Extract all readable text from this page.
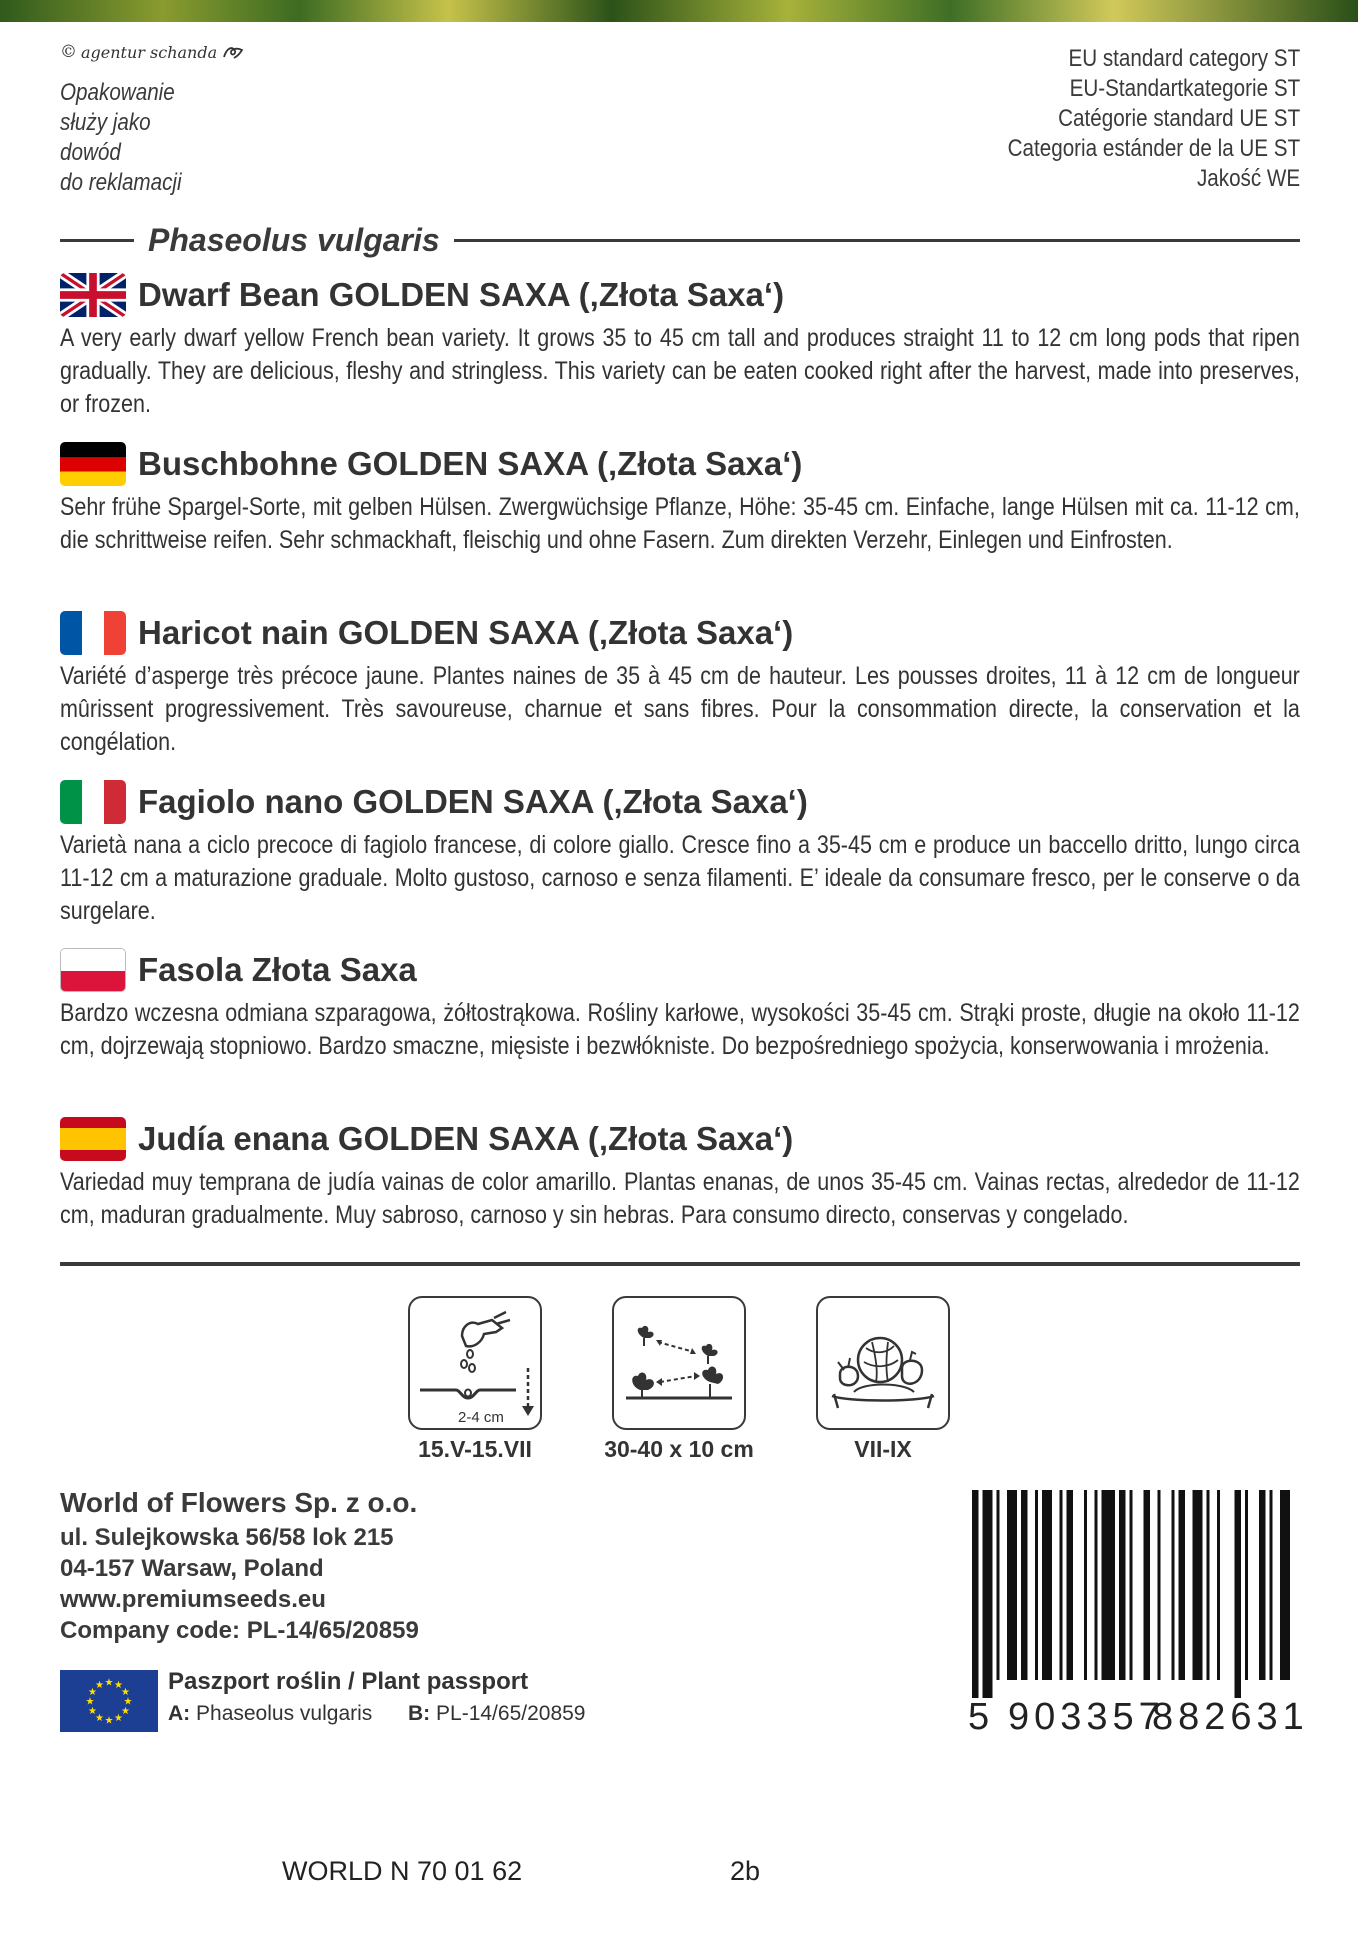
© agentur schanda
Opakowanie
służy jako
dowód
do reklamacji
EU standard category ST
EU-Standartkategorie ST
Catégorie standard UE ST
Categoria estánder de la UE ST
Jakość WE
Phaseolus vulgaris
Dwarf Bean GOLDEN SAXA (‚Złota Saxa‘)
A very early dwarf yellow French bean variety. It grows 35 to 45 cm tall and produces straight 11 to 12 cm long pods that ripen gradually. They are delicious, fleshy and stringless. This variety can be eaten cooked right after the harvest, made into preserves, or frozen.
Buschbohne GOLDEN SAXA (‚Złota Saxa‘)
Sehr frühe Spargel-Sorte, mit gelben Hülsen. Zwergwüchsige Pflanze, Höhe: 35-45 cm. Einfache, lange Hülsen mit ca. 11-12 cm, die schrittweise reifen. Sehr schmackhaft, fleischig und ohne Fasern. Zum direkten Verzehr, Einlegen und Einfrosten.
Haricot nain GOLDEN SAXA (‚Złota Saxa‘)
Variété d’asperge très précoce jaune. Plantes naines de 35 à 45 cm de hauteur. Les pousses droites, 11 à 12 cm de longueur mûrissent progressivement. Très savoureuse, charnue et sans fibres. Pour la consommation directe, la conservation et la congélation.
Fagiolo nano GOLDEN SAXA (‚Złota Saxa‘)
Varietà nana a ciclo precoce di fagiolo francese, di colore giallo. Cresce fino a 35-45 cm e produce un baccello dritto, lungo circa 11-12 cm a maturazione graduale. Molto gustoso, carnoso e senza filamenti. E’ ideale da consumare fresco, per le conserve o da surgelare.
Fasola Złota Saxa
Bardzo wczesna odmiana szparagowa, żółtostrąkowa. Rośliny karłowe, wysokości 35-45 cm. Strąki proste, długie na około 11-12 cm, dojrzewają stopniowo. Bardzo smaczne, mięsiste i bezwłókniste. Do bezpośredniego spożycia, konserwowania i mrożenia.
Judía enana GOLDEN SAXA (‚Złota Saxa‘)
Variedad muy temprana de judía vainas de color amarillo. Plantas enanas, de unos 35-45 cm. Vainas rectas, alrededor de 11-12 cm, maduran gradualmente. Muy sabroso, carnoso y sin hebras. Para consumo directo, conservas y congelado.
2-4 cm
15.V-15.VII	30-40 x 10 cm	VII-IX
World of Flowers Sp. z o.o.
ul. Sulejkowska 56/58 lok 215
04-157 Warsaw, Poland
www.premiumseeds.eu
Company code: PL-14/65/20859
★ ★
★
★
★
★
★
★
★
★
★
★	Paszport roślin / Plant passport
A: Phaseolus vulgaris B: PL-14/65/20859	5 903357
882631
WORLD N 70 01 62	2b
